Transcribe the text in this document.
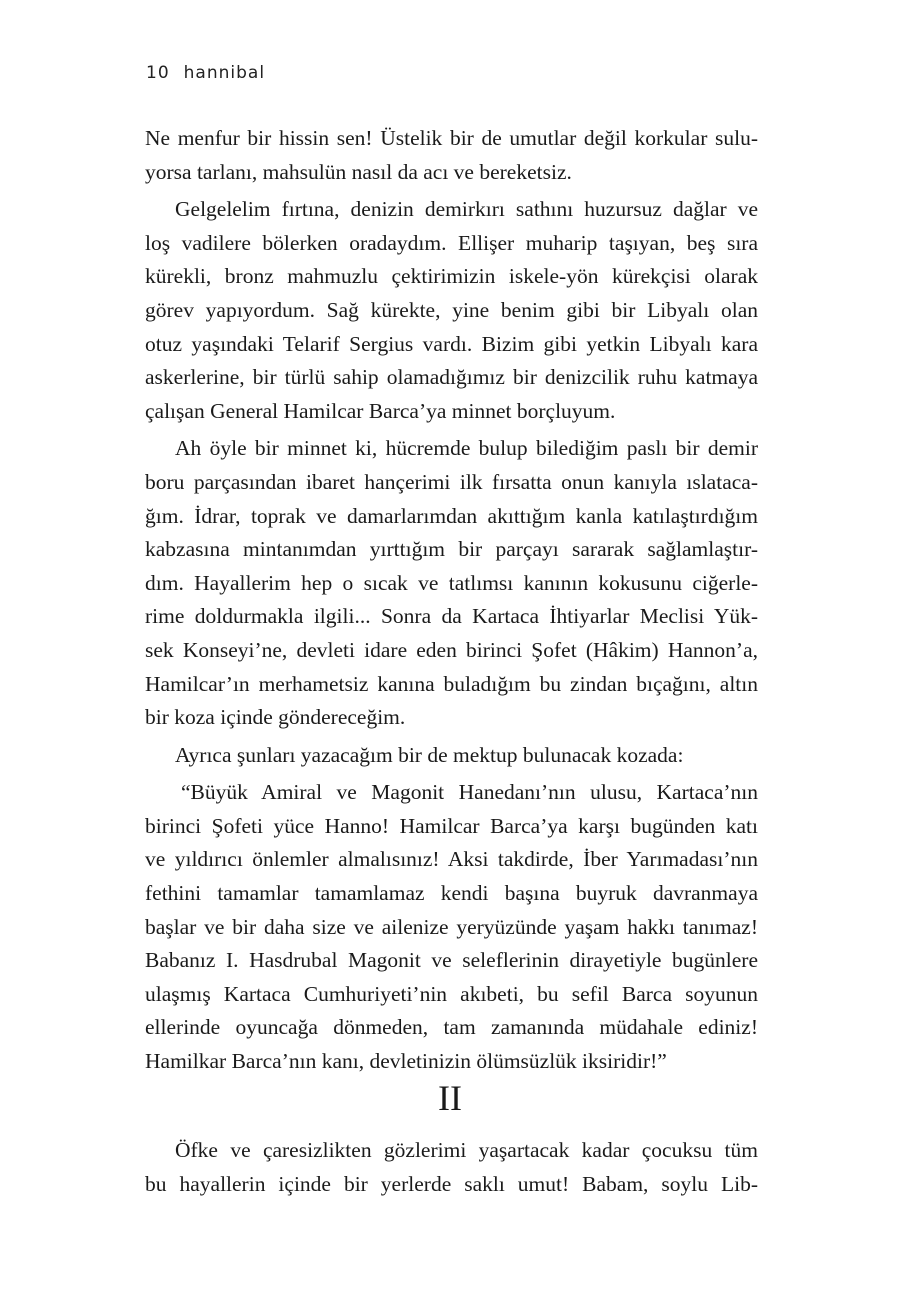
10 hannibal
Ne menfur bir hissin sen! Üstelik bir de umutlar değil korkular sulu-
yorsa tarlanı, mahsulün nasıl da acı ve bereketsiz.
Gelgelelim fırtına, denizin demirkırı sathını huzursuz dağlar ve
loş vadilere bölerken oradaydım. Ellişer muharip taşıyan, beş sıra
kürekli, bronz mahmuzlu çektirimizin iskele-yön kürekçisi olarak
görev yapıyordum. Sağ kürekte, yine benim gibi bir Libyalı olan
otuz yaşındaki Telarif Sergius vardı. Bizim gibi yetkin Libyalı kara
askerlerine, bir türlü sahip olamadığımız bir denizcilik ruhu katmaya
çalışan General Hamilcar Barca’ya minnet borçluyum.
Ah öyle bir minnet ki, hücremde bulup bilediğim paslı bir demir
boru parçasından ibaret hançerimi ilk fırsatta onun kanıyla ıslataca-
ğım. İdrar, toprak ve damarlarımdan akıttığım kanla katılaştırdığım
kabzasına mintanımdan yırttığım bir parçayı sararak sağlamlaştır-
dım. Hayallerim hep o sıcak ve tatlımsı kanının kokusunu ciğerle-
rime doldurmakla ilgili... Sonra da Kartaca İhtiyarlar Meclisi Yük-
sek Konseyi’ne, devleti idare eden birinci Şofet (Hâkim) Hannon’a,
Hamilcar’ın merhametsiz kanına buladığım bu zindan bıçağını, altın
bir koza içinde göndereceğim.
Ayrıca şunları yazacağım bir de mektup bulunacak kozada:
“Büyük Amiral ve Magonit Hanedanı’nın ulusu, Kartaca’nın
birinci Şofeti yüce Hanno! Hamilcar Barca’ya karşı bugünden katı
ve yıldırıcı önlemler almalısınız! Aksi takdirde, İber Yarımadası’nın
fethini tamamlar tamamlamaz kendi başına buyruk davranmaya
başlar ve bir daha size ve ailenize yeryüzünde yaşam hakkı tanımaz!
Babanız I. Hasdrubal Magonit ve seleflerinin dirayetiyle bugünlere
ulaşmış Kartaca Cumhuriyeti’nin akıbeti, bu sefil Barca soyunun
ellerinde oyuncağa dönmeden, tam zamanında müdahale ediniz!
Hamilkar Barca’nın kanı, devletinizin ölümsüzlük iksiridir!”
II
Öfke ve çaresizlikten gözlerimi yaşartacak kadar çocuksu tüm
bu hayallerin içinde bir yerlerde saklı umut! Babam, soylu Lib-
